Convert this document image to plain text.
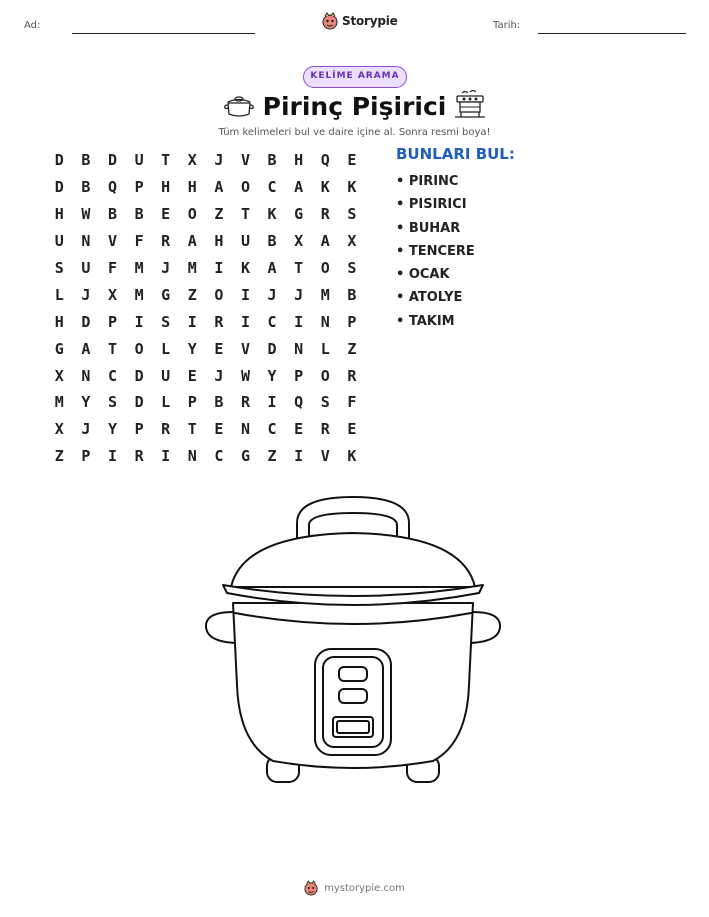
Ad:	Storypie	Tarih:
KELİME ARAMA
Pirinç Pişirici
Tüm kelimeleri bul ve daire içine al. Sonra resmi boya!
D	B	D	U	T	X	J	V	B	H	Q	E
D	B	Q	P	H	H	A	O	C	A	K	K
H	W	B	B	E	O	Z	T	K	G	R	S
U	N	V	F	R	A	H	U	B	X	A	X
S	U	F	M	J	M	I	K	A	T	O	S
L	J	X	M	G	Z	O	I	J	J	M	B
H	D	P	I	S	I	R	I	C	I	N	P
G	A	T	O	L	Y	E	V	D	N	L	Z
X	N	C	D	U	E	J	W	Y	P	O	R
M	Y	S	D	L	P	B	R	I	Q	S	F
X	J	Y	P	R	T	E	N	C	E	R	E
Z	P	I	R	I	N	C	G	Z	I	V	K
BUNLARI BUL:
• PIRINC
• PISIRICI
• BUHAR
• TENCERE
• OCAK
• ATOLYE
• TAKIM
mystorypie.com
